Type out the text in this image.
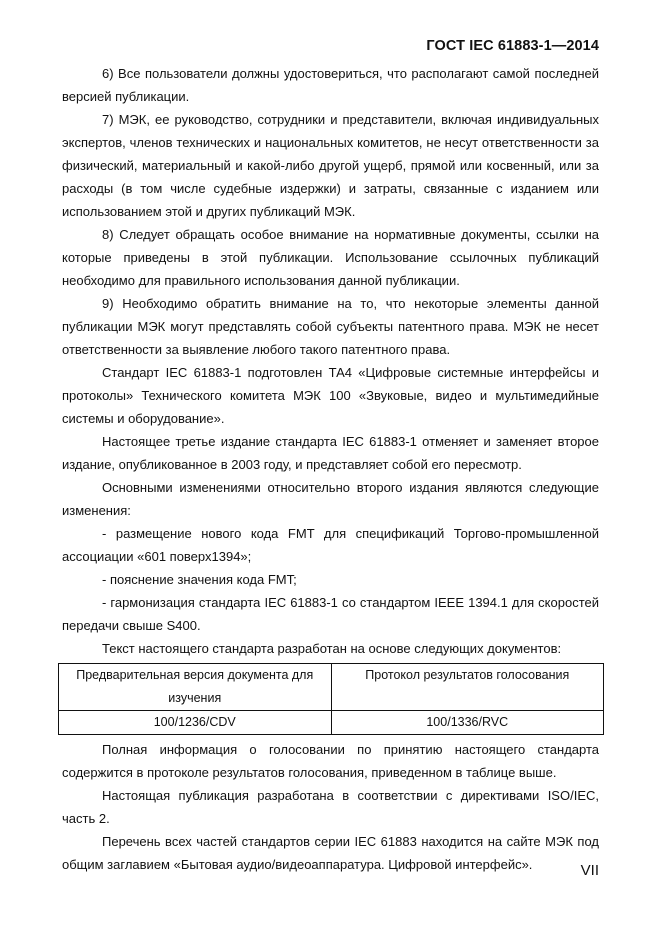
ГОСТ IEC 61883-1—2014

6) Все пользователи должны удостовериться, что располагают самой последней версией публикации.

7) МЭК, ее руководство, сотрудники и представители, включая индивидуальных экспертов, членов технических и национальных комитетов, не несут ответственности за физический, материальный и какой-либо другой ущерб, прямой или косвенный, или за расходы (в том числе судебные издержки) и затраты, связанные с изданием или использованием этой и других публикаций МЭК.

8) Следует обращать особое внимание на нормативные документы, ссылки на которые приведены в этой публикации. Использование ссылочных публикаций необходимо для правильного использования данной публикации.

9) Необходимо обратить внимание на то, что некоторые элементы данной публикации МЭК могут представлять собой субъекты патентного права. МЭК не несет ответственности за выявление любого такого патентного права.

Стандарт IEC 61883-1 подготовлен ТА4 «Цифровые системные интерфейсы и протоколы» Технического комитета МЭК 100 «Звуковые, видео и мультимедийные системы и оборудование».

Настоящее третье издание стандарта IEC 61883-1 отменяет и заменяет второе издание, опубликованное в 2003 году, и представляет собой его пересмотр.

Основными изменениями относительно второго издания являются следующие изменения:

- размещение нового кода FMT для спецификаций Торгово-промышленной ассоциации «601 поверх1394»;

- пояснение значения кода FMT;

- гармонизация стандарта IEC 61883-1 со стандартом IEEE 1394.1 для скоростей передачи свыше S400.

Текст настоящего стандарта разработан на основе следующих документов:

Предварительная версия документа для изучения	Протокол результатов голосования
100/1236/CDV	100/1336/RVC

Полная информация о голосовании по принятию настоящего стандарта содержится в протоколе результатов голосования, приведенном в таблице выше.

Настоящая публикация разработана в соответствии с директивами ISO/IEC, часть 2.

Перечень всех частей стандартов серии IEC 61883 находится на сайте МЭК под общим заглавием «Бытовая аудио/видеоаппаратура. Цифровой интерфейс».	VII
